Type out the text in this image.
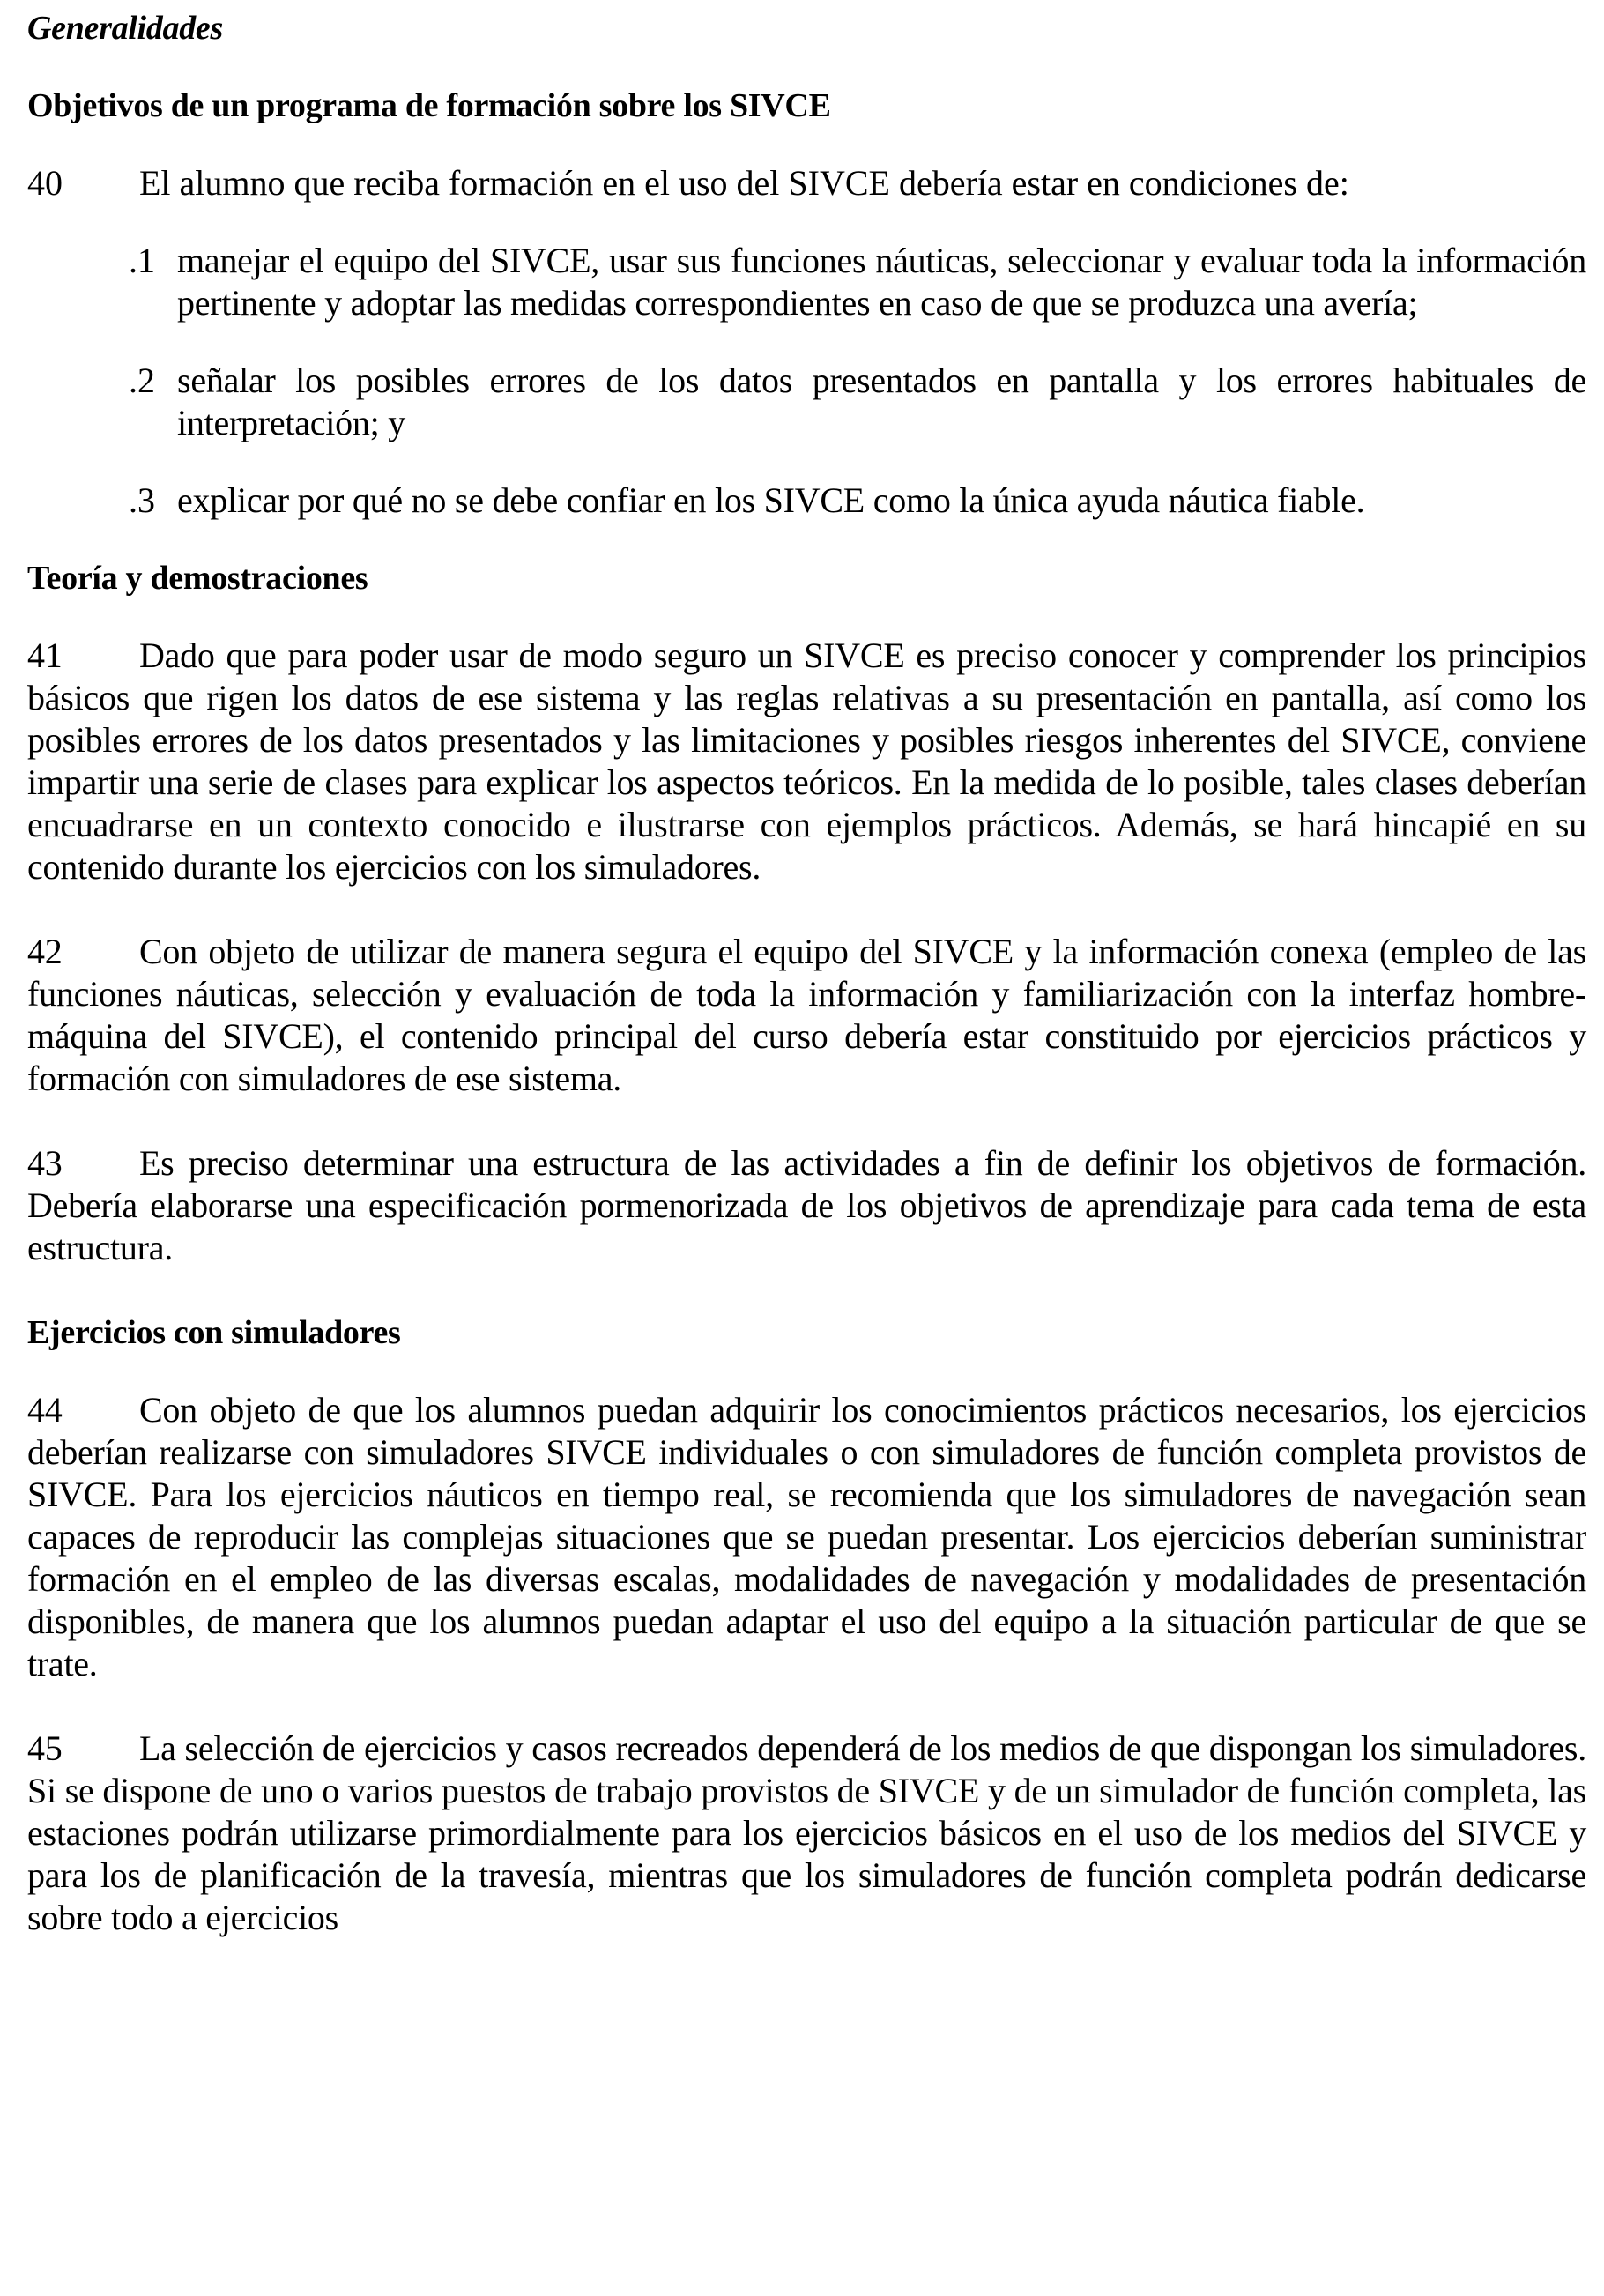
Generalidades

Objetivos de un programa de formación sobre los SIVCE

40	El alumno que reciba formación en el uso del SIVCE debería estar en condiciones de:
.1 manejar el equipo del SIVCE, usar sus funciones náuticas, seleccionar y evaluar toda la información pertinente y adoptar las medidas correspondientes en caso de que se produzca una avería;
.2 señalar los posibles errores de los datos presentados en pantalla y los errores habituales de interpretación; y
.3 explicar por qué no se debe confiar en los SIVCE como la única ayuda náutica fiable.

Teoría y demostraciones

41 Dado que para poder usar de modo seguro un SIVCE es preciso conocer y comprender los principios básicos que rigen los datos de ese sistema y las reglas relativas a su presentación en pantalla, así como los posibles errores de los datos presentados y las limitaciones y posibles riesgos inherentes del SIVCE, conviene impartir una serie de clases para explicar los aspectos teóricos. En la medida de lo posible, tales clases deberían encuadrarse en un contexto conocido e ilustrarse con ejemplos prácticos. Además, se hará hincapié en su contenido durante los ejercicios con los simuladores.

42 Con objeto de utilizar de manera segura el equipo del SIVCE y la información conexa (empleo de las funciones náuticas, selección y evaluación de toda la información y familiarización con la interfaz hombre-máquina del SIVCE), el contenido principal del curso debería estar constituido por ejercicios prácticos y formación con simuladores de ese sistema.

43 Es preciso determinar una estructura de las actividades a fin de definir los objetivos de formación. Debería elaborarse una especificación pormenorizada de los objetivos de aprendizaje para cada tema de esta estructura.

Ejercicios con simuladores

44 Con objeto de que los alumnos puedan adquirir los conocimientos prácticos necesarios, los ejercicios deberían realizarse con simuladores SIVCE individuales o con simuladores de función completa provistos de SIVCE. Para los ejercicios náuticos en tiempo real, se recomienda que los simuladores de navegación sean capaces de reproducir las complejas situaciones que se puedan presentar. Los ejercicios deberían suministrar formación en el empleo de las diversas escalas, modalidades de navegación y modalidades de presentación disponibles, de manera que los alumnos puedan adaptar el uso del equipo a la situación particular de que se trate.

45 La selección de ejercicios y casos recreados dependerá de los medios de que dispongan los simuladores. Si se dispone de uno o varios puestos de trabajo provistos de SIVCE y de un simulador de función completa, las estaciones podrán utilizarse primordialmente para los ejercicios básicos en el uso de los medios del SIVCE y para los de planificación de la travesía, mientras que los simuladores de función completa podrán dedicarse sobre todo a ejercicios
